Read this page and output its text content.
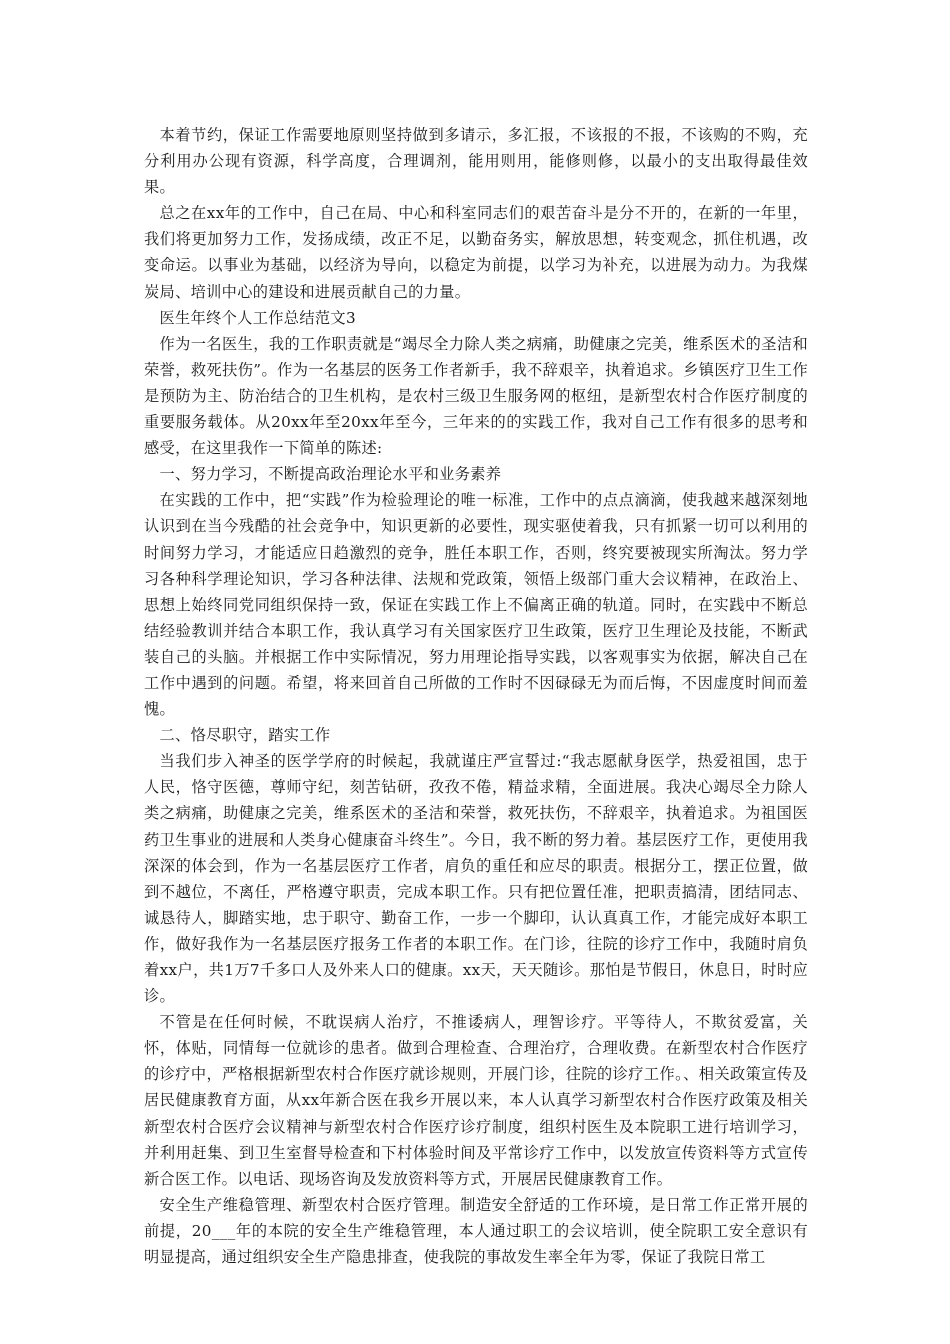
本着节约，保证工作需要地原则坚持做到多请示，多汇报，不该报的不报，不该购的不购，充分利用办公现有资源，科学高度，合理调剂，能用则用，能修则修，以最小的支出取得最佳效果。

总之在xx年的工作中，自己在局、中心和科室同志们的艰苦奋斗是分不开的，在新的一年里，我们将更加努力工作，发扬成绩，改正不足，以勤奋务实，解放思想，转变观念，抓住机遇，改变命运。以事业为基础，以经济为导向，以稳定为前提，以学习为补充，以进展为动力。为我煤炭局、培训中心的建设和进展贡献自己的力量。

医生年终个人工作总结范文3

作为一名医生，我的工作职责就是“竭尽全力除人类之病痛，助健康之完美，维系医术的圣洁和荣誉，救死扶伤”。作为一名基层的医务工作者新手，我不辞艰辛，执着追求。乡镇医疗卫生工作是预防为主、防治结合的卫生机构，是农村三级卫生服务网的枢纽，是新型农村合作医疗制度的重要服务载体。从20xx年至20xx年至今，三年来的的实践工作，我对自己工作有很多的思考和感受，在这里我作一下简单的陈述:

一、努力学习，不断提高政治理论水平和业务素养

在实践的工作中，把“实践”作为检验理论的唯一标准，工作中的点点滴滴，使我越来越深刻地认识到在当今残酷的社会竞争中，知识更新的必要性，现实驱使着我，只有抓紧一切可以利用的时间努力学习，才能适应日趋激烈的竞争，胜任本职工作，否则，终究要被现实所淘汰。努力学习各种科学理论知识，学习各种法律、法规和党政策，领悟上级部门重大会议精神，在政治上、思想上始终同党同组织保持一致，保证在实践工作上不偏离正确的轨道。同时，在实践中不断总结经验教训并结合本职工作，我认真学习有关国家医疗卫生政策，医疗卫生理论及技能，不断武装自己的头脑。并根据工作中实际情况，努力用理论指导实践，以客观事实为依据，解决自己在工作中遇到的问题。希望，将来回首自己所做的工作时不因碌碌无为而后悔，不因虚度时间而羞愧。

二、恪尽职守，踏实工作

当我们步入神圣的医学学府的时候起，我就谨庄严宣誓过:“我志愿献身医学，热爱祖国，忠于人民，恪守医德，尊师守纪，刻苦钻研，孜孜不倦，精益求精，全面进展。我决心竭尽全力除人类之病痛，助健康之完美，维系医术的圣洁和荣誉，救死扶伤，不辞艰辛，执着追求。为祖国医药卫生事业的进展和人类身心健康奋斗终生”。今日，我不断的努力着。基层医疗工作，更使用我深深的体会到，作为一名基层医疗工作者，肩负的重任和应尽的职责。根据分工，摆正位置，做到不越位，不离任，严格遵守职责，完成本职工作。只有把位置任准，把职责搞清，团结同志、诚恳待人，脚踏实地，忠于职守、勤奋工作，一步一个脚印，认认真真工作，才能完成好本职工作，做好我作为一名基层医疗报务工作者的本职工作。在门诊，往院的诊疗工作中，我随时肩负着xx户，共1万7千多口人及外来人口的健康。xx天，天天随诊。那怕是节假日，休息日，时时应诊。

不管是在任何时候，不耽误病人治疗，不推诿病人，理智诊疗。平等待人，不欺贫爱富，关怀，体贴，同情每一位就诊的患者。做到合理检查、合理治疗，合理收费。在新型农村合作医疗的诊疗中，严格根据新型农村合作医疗就诊规则，开展门诊，往院的诊疗工作。、相关政策宣传及居民健康教育方面，从xx年新合医在我乡开展以来，本人认真学习新型农村合作医疗政策及相关新型农村合医疗会议精神与新型农村合作医疗诊疗制度，组织村医生及本院职工进行培训学习，并利用赶集、到卫生室督导检查和下村体验时间及平常诊疗工作中，以发放宣传资料等方式宣传新合医工作。以电话、现场咨询及发放资料等方式，开展居民健康教育工作。

安全生产维稳管理、新型农村合医疗管理。制造安全舒适的工作环境，是日常工作正常开展的前提，20___年的本院的安全生产维稳管理，本人通过职工的会议培训，使全院职工安全意识有明显提高，通过组织安全生产隐患排查，使我院的事故发生率全年为零，保证了我院日常工
